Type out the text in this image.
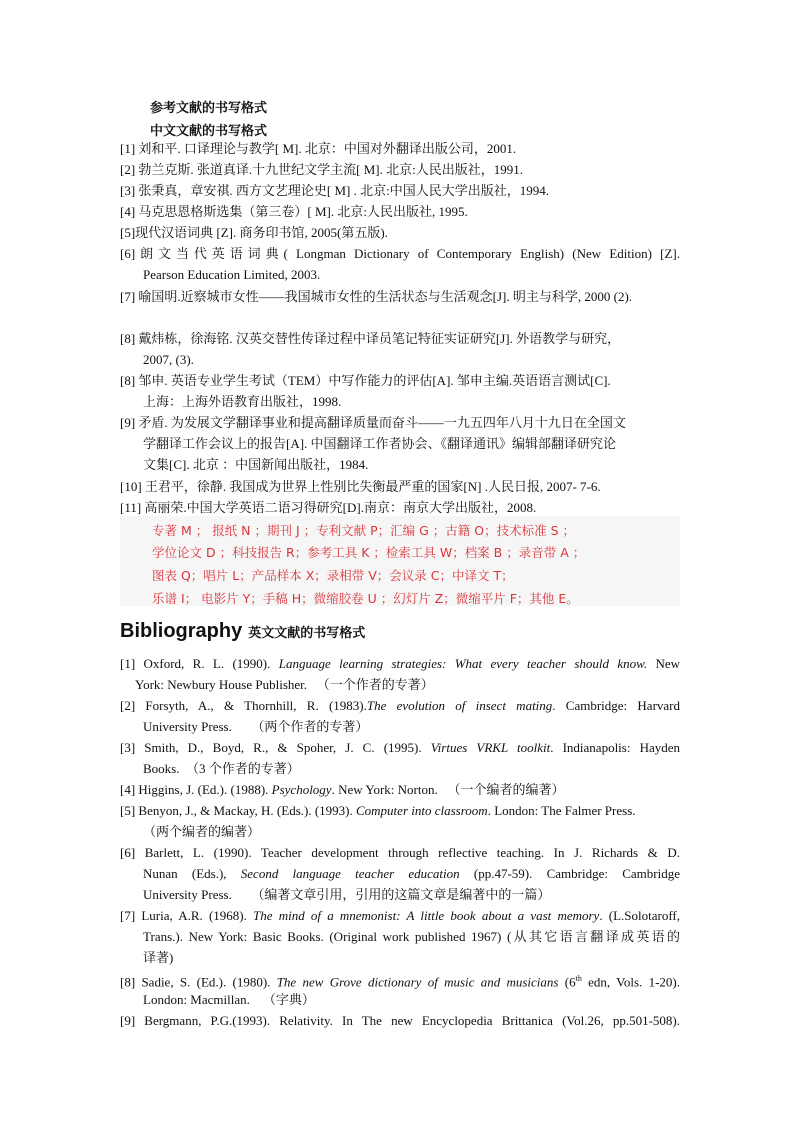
参考文献的书写格式
中文文献的书写格式
[1] 刘和平. 口译理论与教学[ M]. 北京：中国对外翻译出版公司，2001.
[2] 勃兰克斯. 张道真译.十九世纪文学主流[ M]. 北京:人民出版社，1991.
[3] 张秉真，章安祺. 西方文艺理论史[ M] . 北京:中国人民大学出版社，1994.
[4] 马克思恩格斯选集（第三卷）[ M]. 北京:人民出版社, 1995.
[5]现代汉语词典 [Z]. 商务印书馆, 2005(第五版).
[6]朗文当代英语词典( Longman Dictionary of Contemporary English) (New Edition) [Z].
Pearson Education Limited, 2003.
[7] 喻国明.近察城市女性——我国城市女性的生活状态与生活观念[J]. 明主与科学, 2000 (2).
[8] 戴炜栋，徐海铭. 汉英交替性传译过程中译员笔记特征实证研究[J]. 外语教学与研究，
2007, (3).
[8] 邹申. 英语专业学生考试（TEM）中写作能力的评估[A]. 邹申主编.英语语言测试[C].
上海：上海外语教育出版社，1998.
[9] 矛盾. 为发展文学翻译事业和提高翻译质量而奋斗——一九五四年八月十九日在全国文
学翻译工作会议上的报告[A]. 中国翻译工作者协会、《翻译通讯》编辑部翻译研究论
文集[C]. 北京 ：中国新闻出版社，1984.
[10] 王君平，徐静. 我国成为世界上性别比失衡最严重的国家[N] .人民日报, 2007- 7-6.
[11] 高丽荣.中国大学英语二语习得研究[D].南京：南京大学出版社，2008.
专著 M ； 报纸 N ；期刊 J ；专利文献 P；汇编 G ；古籍 O；技术标准 S ；
学位论文 D ；科技报告 R；参考工具 K ；检索工具 W；档案 B ；录音带 A ；
图表 Q；唱片 L；产品样本 X；录相带 V；会议录 C；中译文 T；
乐谱 I； 电影片 Y；手稿 H；微缩胶卷 U ；幻灯片 Z；微缩平片 F；其他 E。
Bibliography 英文文献的书写格式
[1] Oxford, R. L. (1990). Language learning strategies: What every teacher should know. New
York: Newbury House Publisher. （一个作者的专著）
[2] Forsyth, A., & Thornhill, R. (1983).The evolution of insect mating. Cambridge: Harvard
University Press. （两个作者的专著）
[3] Smith, D., Boyd, R., & Spoher, J. C. (1995). Virtues VRKL toolkit. Indianapolis: Hayden
Books. （3 个作者的专著）
[4] Higgins, J. (Ed.). (1988). Psychology. New York: Norton. （一个编者的编著）
[5] Benyon, J., & Mackay, H. (Eds.). (1993). Computer into classroom. London: The Falmer Press.
（两个编者的编著）
[6] Barlett, L. (1990). Teacher development through reflective teaching. In J. Richards & D.
Nunan (Eds.), Second language teacher education (pp.47-59). Cambridge: Cambridge
University Press. （编著文章引用，引用的这篇文章是编著中的一篇）
[7] Luria, A.R. (1968). The mind of a mnemonist: A little book about a vast memory. (L.Solotaroff,
Trans.). New York: Basic Books. (Original work published 1967) (从其它语言翻译成英语的
译著)
[8] Sadie, S. (Ed.). (1980). The new Grove dictionary of music and musicians (6th edn, Vols. 1-20).
London: Macmillan. （字典）
[9] Bergmann, P.G.(1993). Relativity. In The new Encyclopedia Brittanica (Vol.26, pp.501-508).
